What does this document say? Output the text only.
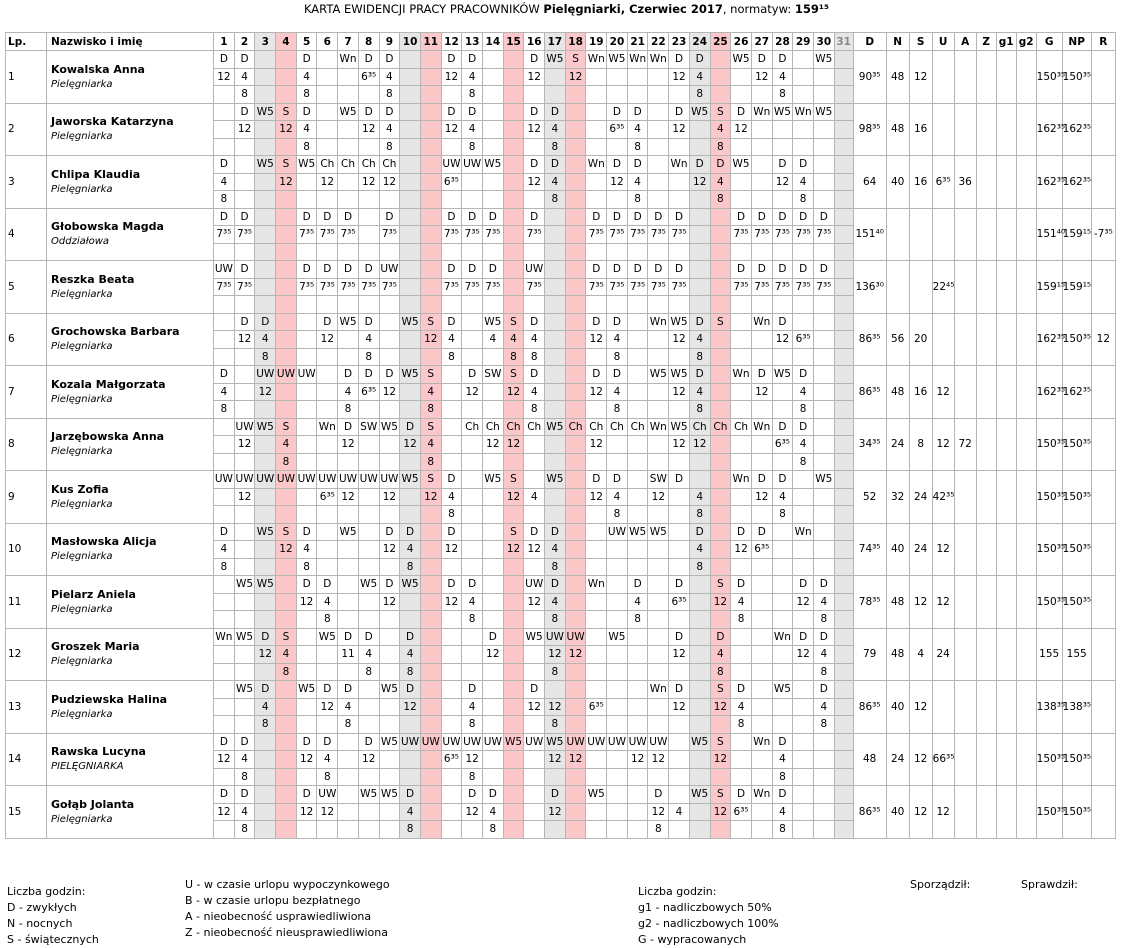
KARTA EWIDENCJI PRACY PRACOWNIKÓW Pielęgniarki, Czerwiec 2017, normatyw: 159¹⁵
Lp.	Nazwisko i imię	1	2	3	4	5	6	7	8	9	10	11	12	13	14	15	16	17	18	19	20	21	22	23	24	25	26	27	28	29	30	31	D	N	S	U	A	Z	g1	g2	G	NP	R
1	Kowalska Anna
Pielęgniarka	D	D			D		Wn	D	D			D	D			D	W5	S	Wn	W5	Wn	Wn	D	D		W5	D	D		W5		90³⁵	48	12						150³⁵	150³⁵	
		12	4			4			6³⁵	4			12	4			12		12					12	4			12	4														
			8			8				8				8											8				8														
2	Jaworska Katarzyna
Pielęgniarka		D	W5	S	D		W5	D	D			D	D			D	D			D	D		D	W5	S	D	Wn	W5	Wn	W5		98³⁵	48	16						162³⁵	162³⁵	
			12		12	4			12	4			12	4			12	4			6³⁵	4		12		4	12																
						8				8				8				8				8				8																	
3	Chlipa Klaudia
Pielęgniarka	D		W5	S	W5	Ch	Ch	Ch	Ch			UW	UW	W5		D	D		Wn	D	D		Wn	D	D	W5		D	D			64	40	16	6³⁵	36				162³⁵	162³⁵	
		4			12		12		12	12			6³⁵				12	4			12	4			12	4			12	4													
		8																8				8				8				8													
4	Głobowska Magda
Oddziałowa	D	D			D	D	D		D			D	D	D		D			D	D	D	D	D			D	D	D	D	D		151⁴⁰								151⁴⁰	159¹⁵	-7³⁵
		7³⁵	7³⁵			7³⁵	7³⁵	7³⁵		7³⁵			7³⁵	7³⁵	7³⁵		7³⁵			7³⁵	7³⁵	7³⁵	7³⁵	7³⁵			7³⁵	7³⁵	7³⁵	7³⁵	7³⁵												

5	Reszka Beata
Pielęgniarka	UW	D			D	D	D	D	UW			D	D	D		UW			D	D	D	D	D			D	D	D	D	D		136³⁰			22⁴⁵					159¹⁵	159¹⁵	
		7³⁵	7³⁵			7³⁵	7³⁵	7³⁵	7³⁵	7³⁵			7³⁵	7³⁵	7³⁵		7³⁵			7³⁵	7³⁵	7³⁵	7³⁵	7³⁵			7³⁵	7³⁵	7³⁵	7³⁵	7³⁵												

6	Grochowska Barbara
Pielęgniarka		D	D			D	W5	D		W5	S	D		W5	S	D			D	D		Wn	W5	D	S		Wn	D				86³⁵	56	20						162³⁵	150³⁵	12
			12	4			12		4			12	4		4	4	4			12	4			12	4				12	6³⁵													
				8					8				8			8	8				8				8																		
7	Kozala Małgorzata
Pielęgniarka	D		UW	UW	UW		D	D	D	W5	S		D	SW	S	D			D	D		W5	W5	D		Wn	D	W5	D			86³⁵	48	16	12					162³⁵	162³⁵	
		4		12				4	6³⁵	12		4		12		12	4			12	4			12	4			12		4													
		8						8				8					8				8				8					8													
8	Jarzębowska Anna
Pielęgniarka		UW	W5	S		Wn	D	SW	W5	D	S		Ch	Ch	Ch	Ch	W5	Ch	Ch	Ch	Ch	Wn	W5	Ch	Ch	Ch	Wn	D	D			34³⁵	24	8	12	72				150³⁵	150³⁵	
			12		4			12			12	4			12	12				12				12	12				6³⁵	4													
					8							8																		8													
9	Kus Zofia
Pielęgniarka	UW	UW	UW	UW	UW	UW	UW	UW	UW	W5	S	D		W5	S		W5		D	D		SW	D			Wn	D	D		W5		52	32	24	42³⁵					150³⁵	150³⁵	
			12				6³⁵	12		12		12	4			12	4			12	4		12		4			12	4														
													8								8				8				8														
10	Masłowska Alicja
Pielęgniarka	D		W5	S	D		W5		D	D		D			S	D	D			UW	W5	W5		D		D	D		Wn			74³⁵	40	24	12					150³⁵	150³⁵	
		4			12	4				12	4		12			12	12	4							4		12	6³⁵															
		8				8					8							8							8																		
11	Pielarz Aniela
Pielęgniarka		W5	W5		D	D		W5	D	W5		D	D			UW	D		Wn		D		D		S	D			D	D		78³⁵	48	12	12					150³⁵	150³⁵	
						12	4			12			12	4			12	4				4		6³⁵		12	4			12	4												
							8							8				8				8					8				8												
12	Groszek Maria
Pielęgniarka	Wn	W5	D	S		W5	D	D		D				D		W5	UW	UW		W5			D		D			Wn	D	D		79	48	4	24					155	155	
				12	4			11	4		4				12			12	12					12		4				12	4												
					8				8		8							8								8					8												
13	Pudziewska Halina
Pielęgniarka		W5	D		W5	D	D		W5	D			D			D						Wn	D		S	D		W5		D		86³⁵	40	12						138³⁵	138³⁵	
				4			12	4			12			4			12	12		6³⁵				12		12	4				4												
				8				8						8				8									8				8												
14	Rawska Lucyna
PIELĘGNIARKA	D	D			D	D		D	W5	UW	UW	UW	UW	UW	W5	UW	W5	UW	UW	UW	UW	UW		W5	S		Wn	D				48	24	12	66³⁵					150³⁵	150³⁵	
		12	4			12	4		12				6³⁵	12				12	12			12	12			12			4														
			8				8							8															8														
15	Gołąb Jolanta
Pielęgniarka	D	D			D	UW		W5	W5	D			D	D			D		W5			D		W5	S	D	Wn	D				86³⁵	40	12	12					150³⁵	150³⁵	
		12	4			12	12				4			12	4			12					12	4		12	6³⁵		4														
			8								8				8								8						8														
Liczba godzin:
D - zwykłych
N - nocnych
S - świątecznych
U - w czasie urlopu wypoczynkowego
B - w czasie urlopu bezpłatnego
A - nieobecność usprawiedliwiona
Z - nieobecność nieusprawiedliwiona
Liczba godzin:
g1 - nadliczbowych 50%
g2 - nadliczbowych 100%
G - wypracowanych
Sporządził:	Sprawdził:
